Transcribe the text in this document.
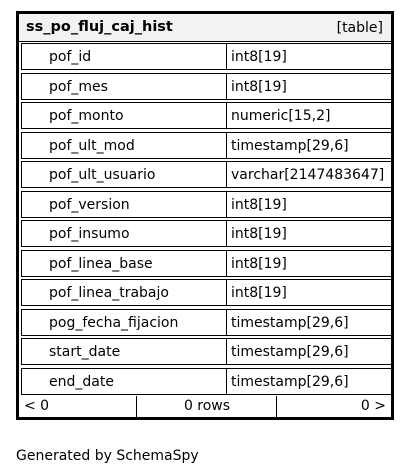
ss_po_fluj_caj_hist	[table]
pof_id	int8[19]
pof_mes	int8[19]
pof_monto	numeric[15,2]
pof_ult_mod	timestamp[29,6]
pof_ult_usuario	varchar[2147483647]
pof_version	int8[19]
pof_insumo	int8[19]
pof_linea_base	int8[19]
pof_linea_trabajo	int8[19]
pog_fecha_fijacion	timestamp[29,6]
start_date	timestamp[29,6]
end_date	timestamp[29,6]
< 0	0 rows	0 >
Generated by SchemaSpy
